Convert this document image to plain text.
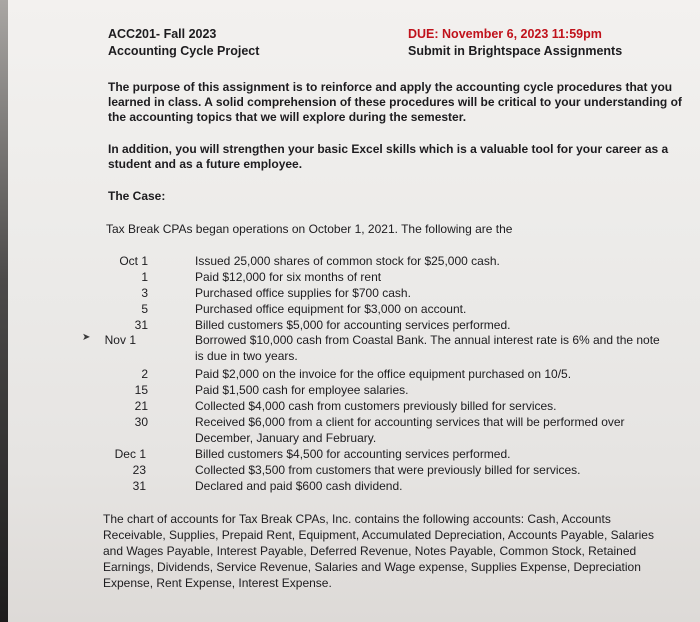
ACC201- Fall 2023
Accounting Cycle Project
DUE: November 6, 2023 11:59pm
Submit in Brightspace Assignments
The purpose of this assignment is to reinforce and apply the accounting cycle procedures that you
learned in class. A solid comprehension of these procedures will be critical to your understanding of
the accounting topics that we will explore during the semester.
In addition, you will strengthen your basic Excel skills which is a valuable tool for your career as a
student and as a future employee.
The Case:
Tax Break CPAs began operations on October 1, 2021. The following are the
Oct 1	Issued 25,000 shares of common stock for $25,000 cash.
1	Paid $12,000 for six months of rent
3	Purchased office supplies for $700 cash.
5	Purchased office equipment for $3,000 on account.
31	Billed customers $5,000 for accounting services performed.
➤	Nov 1	Borrowed $10,000 cash from Coastal Bank. The annual interest rate is 6% and the note
is due in two years.
2	Paid $2,000 on the invoice for the office equipment purchased on 10/5.
15	Paid $1,500 cash for employee salaries.
21	Collected $4,000 cash from customers previously billed for services.
30	Received $6,000 from a client for accounting services that will be performed over
December, January and February.
Dec 1	Billed customers $4,500 for accounting services performed.
23	Collected $3,500 from customers that were previously billed for services.
31	Declared and paid $600 cash dividend.
The chart of accounts for Tax Break CPAs, Inc. contains the following accounts: Cash, Accounts
Receivable, Supplies, Prepaid Rent, Equipment, Accumulated Depreciation, Accounts Payable, Salaries
and Wages Payable, Interest Payable, Deferred Revenue, Notes Payable, Common Stock, Retained
Earnings, Dividends, Service Revenue, Salaries and Wage expense, Supplies Expense, Depreciation
Expense, Rent Expense, Interest Expense.
